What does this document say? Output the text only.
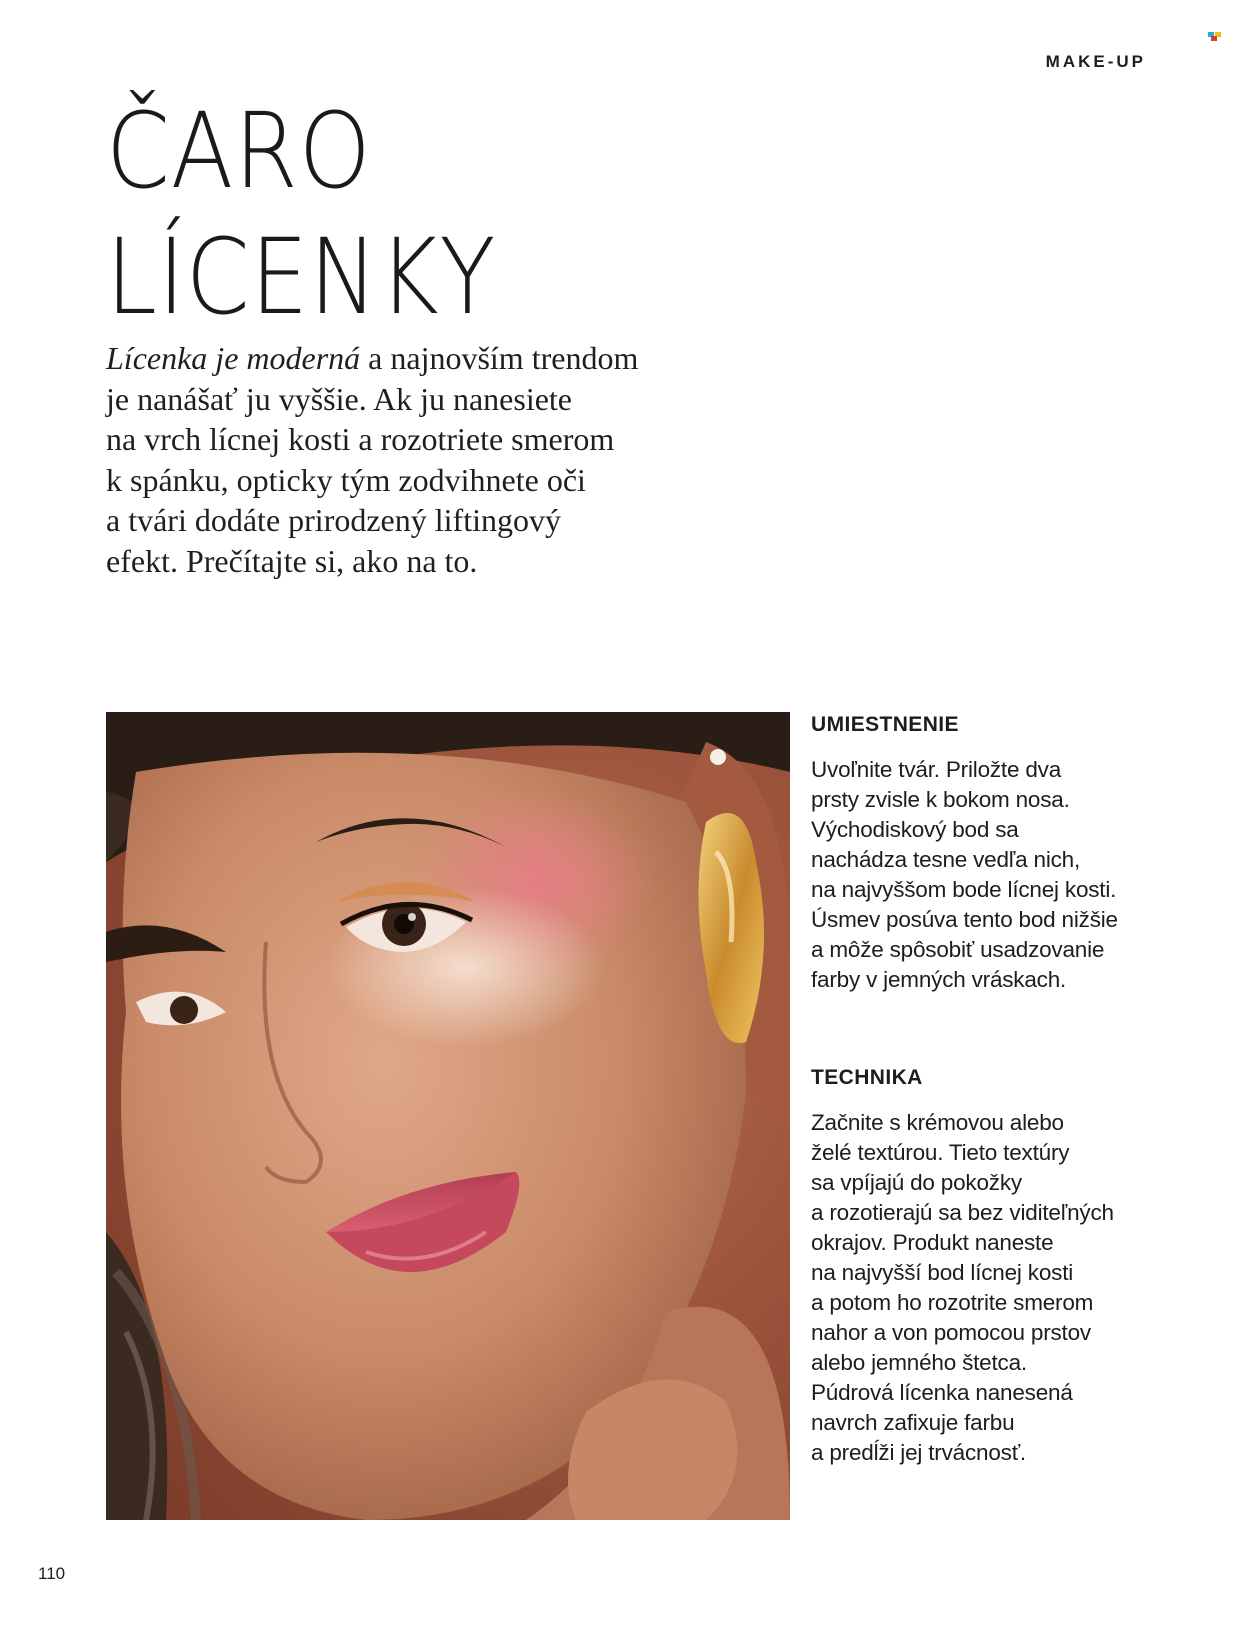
MAKE-UP
ČARO
LÍCENKY

Lícenka je moderná a najnovším trendom
je nanášať ju vyššie. Ak ju nanesiete
na vrch lícnej kosti a rozotriete smerom
k spánku, opticky tým zodvihnete oči
a tvári dodáte prirodzený liftingový
efekt. Prečítajte si, ako na to.

UMIESTNENIE

Uvoľnite tvár. Priložte dva
prsty zvisle k bokom nosa.
Východiskový bod sa
nachádza tesne vedľa nich,
na najvyššom bode lícnej kosti.
Úsmev posúva tento bod nižšie
a môže spôsobiť usadzovanie
farby v jemných vráskach.

TECHNIKA

Začnite s krémovou alebo
želé textúrou. Tieto textúry
sa vpíjajú do pokožky
a rozotierajú sa bez viditeľných
okrajov. Produkt naneste
na najvyšší bod lícnej kosti
a potom ho rozotrite smerom
nahor a von pomocou prstov
alebo jemného štetca.
Púdrová lícenka nanesená
navrch zafixuje farbu
a predĺži jej trvácnosť.

110
